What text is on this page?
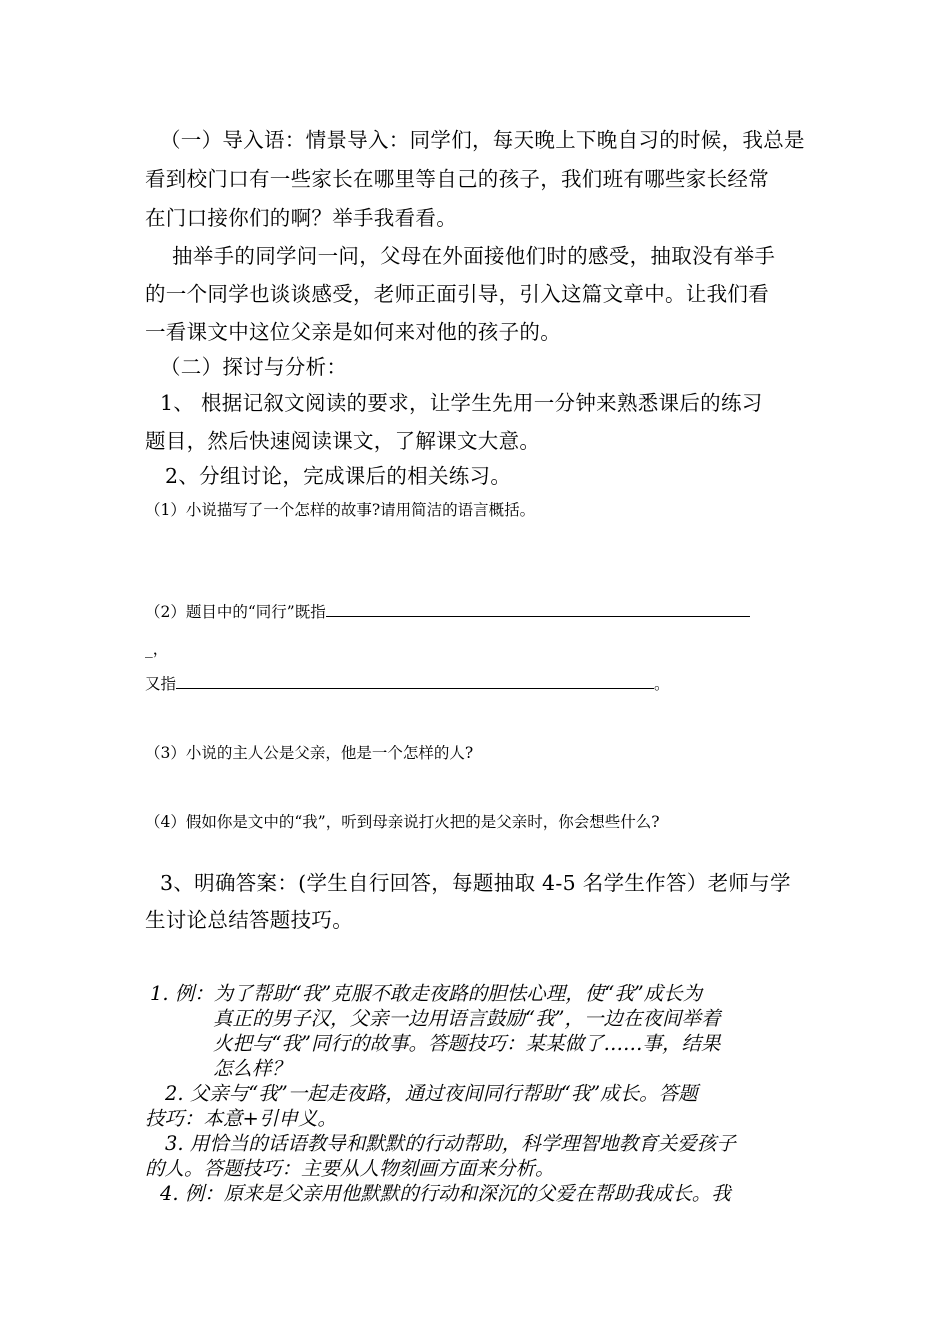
（一）导入语：情景导入：同学们，每天晚上下晚自习的时候，我总是
看到校门口有一些家长在哪里等自己的孩子，我们班有哪些家长经常
在门口接你们的啊？举手我看看。
抽举手的同学问一问，父母在外面接他们时的感受，抽取没有举手
的一个同学也谈谈感受，老师正面引导，引入这篇文章中。让我们看
一看课文中这位父亲是如何来对他的孩子的。
（二）探讨与分析：
1、 根据记叙文阅读的要求，让学生先用一分钟来熟悉课后的练习
题目，然后快速阅读课文，了解课文大意。
2、分组讨论，完成课后的相关练习。
（1）小说描写了一个怎样的故事?请用简洁的语言概括。
（2）题目中的“同行”既指
_，
又指	。
（3）小说的主人公是父亲，他是一个怎样的人?
（4）假如你是文中的“我”，听到母亲说打火把的是父亲时，你会想些什么?
3、明确答案：(学生自行回答，每题抽取 4-5 名学生作答）老师与学
生讨论总结答题技巧。
1. 例：为了帮助“我”克服不敢走夜路的胆怯心理，使“我”成长为
真正的男子汉，父亲一边用语言鼓励“我”，一边在夜间举着
火把与“我”同行的故事。答题技巧：某某做了……事，结果
怎么样？
2. 父亲与“我”一起走夜路，通过夜间同行帮助“我”成长。答题
技巧：本意+引申义。
3. 用恰当的话语教导和默默的行动帮助，科学理智地教育关爱孩子
的人。答题技巧：主要从人物刻画方面来分析。
4. 例：原来是父亲用他默默的行动和深沉的父爱在帮助我成长。我
